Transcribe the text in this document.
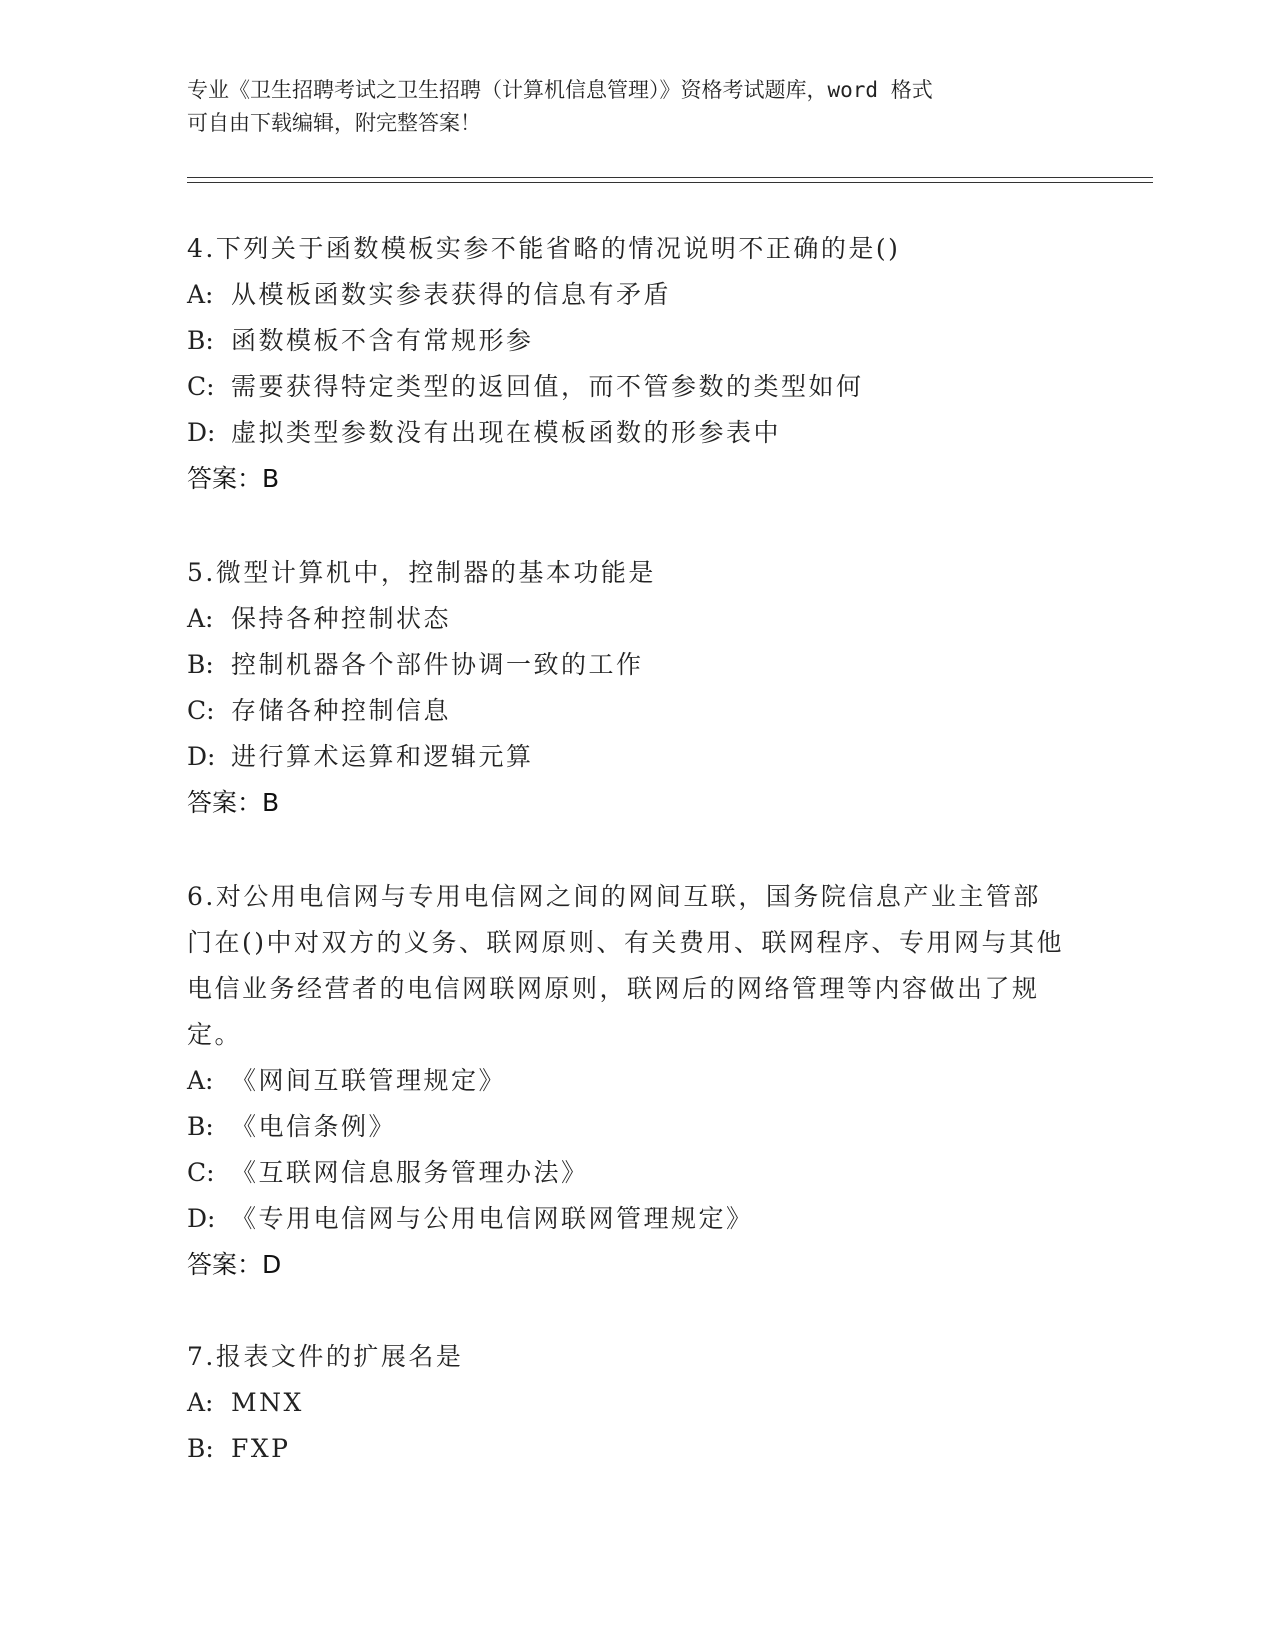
专业《卫生招聘考试之卫生招聘（计算机信息管理）》资格考试题库，word 格式
可自由下载编辑，附完整答案！

4.下列关于函数模板实参不能省略的情况说明不正确的是()

A: 从模板函数实参表获得的信息有矛盾

B: 函数模板不含有常规形参

C: 需要获得特定类型的返回值，而不管参数的类型如何

D: 虚拟类型参数没有出现在模板函数的形参表中

答案：B

5.微型计算机中，控制器的基本功能是

A: 保持各种控制状态

B: 控制机器各个部件协调一致的工作

C: 存储各种控制信息

D: 进行算术运算和逻辑元算

答案：B

6.对公用电信网与专用电信网之间的网间互联，国务院信息产业主管部门在()中对双方的义务、联网原则、有关费用、联网程序、专用网与其他电信业务经营者的电信网联网原则，联网后的网络管理等内容做出了规定。

A: 《网间互联管理规定》

B: 《电信条例》

C: 《互联网信息服务管理办法》

D: 《专用电信网与公用电信网联网管理规定》

答案：D

7.报表文件的扩展名是

A: MNX

B: FXP
